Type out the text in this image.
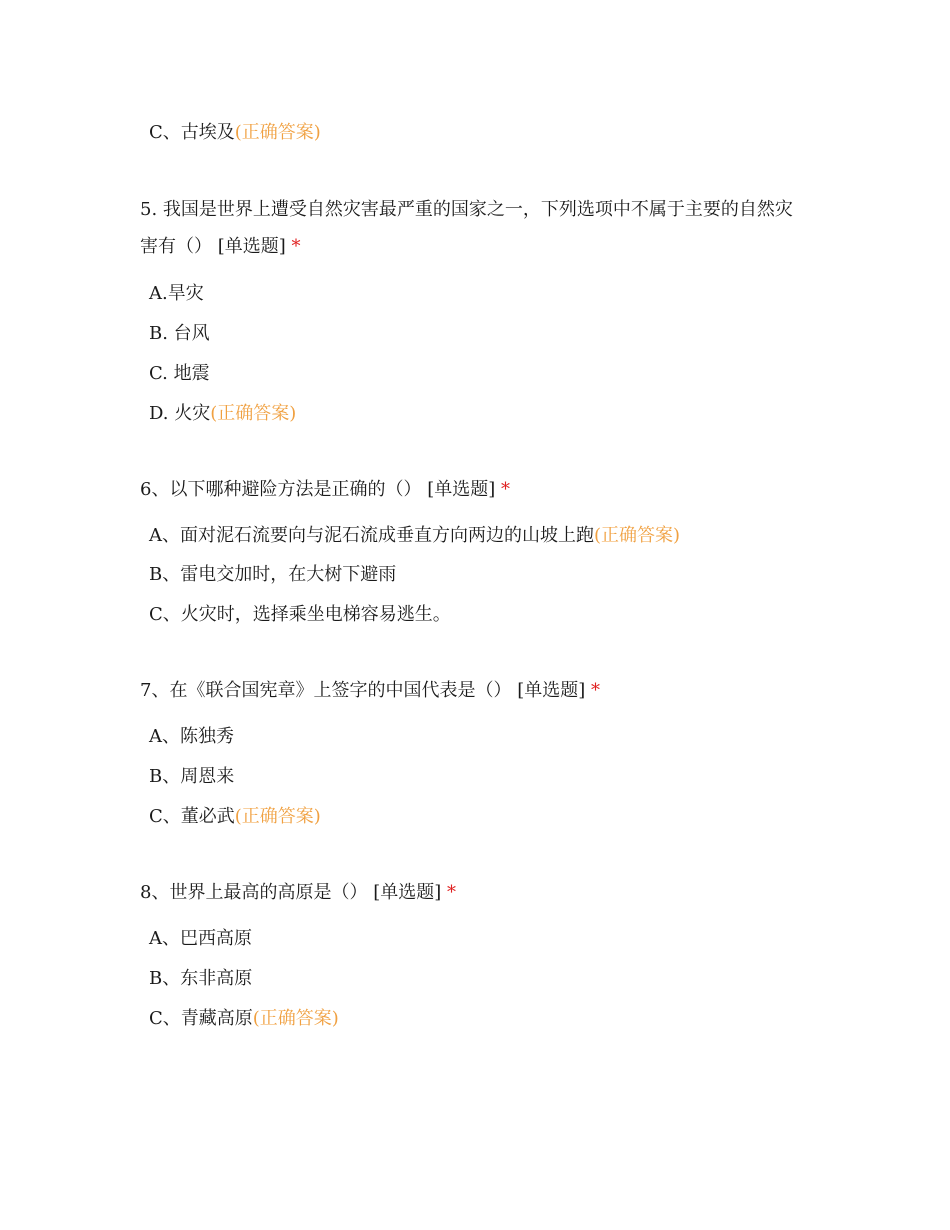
C、古埃及(正确答案)
5. 我国是世界上遭受自然灾害最严重的国家之一，下列选项中不属于主要的自然灾
害有（） [单选题] *
A.旱灾
B. 台风
C. 地震
D. 火灾(正确答案)
6、以下哪种避险方法是正确的（） [单选题] *
A、面对泥石流要向与泥石流成垂直方向两边的山坡上跑(正确答案)
B、雷电交加时，在大树下避雨
C、火灾时，选择乘坐电梯容易逃生。
7、在《联合国宪章》上签字的中国代表是（） [单选题] *
A、陈独秀
B、周恩来
C、董必武(正确答案)
8、世界上最高的高原是（） [单选题] *
A、巴西高原
B、东非高原
C、青藏高原(正确答案)
